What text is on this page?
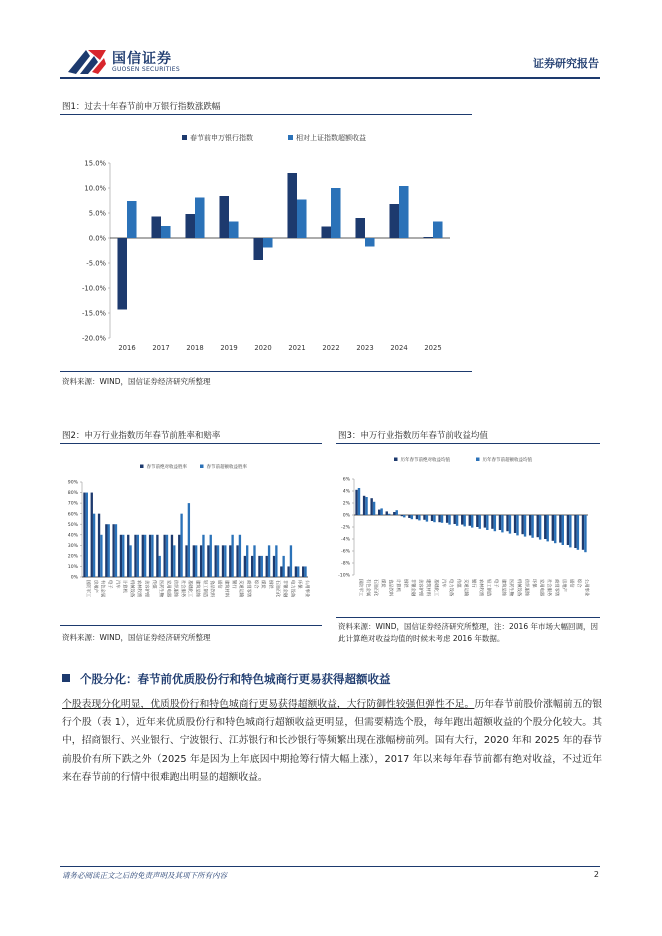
国信证券
GUOSEN SECURITIES	证券研究报告
图1：过去十年春节前申万银行指数涨跌幅
15.0%
10.0%
5.0%
0.0%
-5.0%
-10.0%
-15.0%
-20.0%
2016 2017 2018 2019 2020 2021 2022 2023 2024 2025
春节前申万银行指数	相对上证指数超额收益
资料来源：WIND，国信证券经济研究所整理
图2：申万行业指数历年春节前胜率和赔率
90%
80%
70%
60%
50%
40%
30%
20%
10%
0%
国防军工 房地产 有色金属 电子 汽车 计算机 机械设备 农林牧渔 美容护理 传媒 医药生物 家用电器 纺织服饰 社会服务 基础化工 建筑装饰 轻工制造 食品饮料 通信 建筑材料 银行 交通运输 商贸零售 综合 煤炭 钢铁 石油石化 非银金融 电力设备 环保 公用事业
春节前绝对收益胜率	春节前超额收益胜率
资料来源：WIND，国信证券经济研究所整理
图3：申万行业指数历年春节前收益均值
6%
4%
2%
0%
-2%
-4%
-6%
-8%
-10%
国防军工 有色金属 石油石化 煤炭 食品饮料 计算机 钢铁 非银金融 美容护理 建筑材料 基础化工 汽车 电力设备 传媒 交通运输 银行 农林牧渔 轻工制造 电子 建筑装饰 医药生物 机械设备 纺织服饰 环保 家用电器 社会服务 商贸零售 房地产 通信 综合 公用事业
历年春节前绝对收益均值	历年春节前超额收益均值
资料来源：WIND，国信证券经济研究所整理，注：2016 年市场大幅回调，因此计算绝对收益均值的时候未考虑 2016 年数据。
个股分化：春节前优质股份行和特色城商行更易获得超额收益
个股表现分化明显，优质股份行和特色城商行更易获得超额收益，大行防御性较强但弹性不足。历年春节前股价涨幅前五的银行个股（表 1），近年来优质股份行和特色城商行超额收益更明显，但需要精选个股，每年跑出超额收益的个股分化较大。其中，招商银行、兴业银行、宁波银行、江苏银行和长沙银行等频繁出现在涨幅榜前列。国有大行，2020 年和 2025 年的春节前股价有所下跌之外（2025 年是因为上年底因中期抢筹行情大幅上涨），2017 年以来每年春节前都有绝对收益，不过近年来在春节前的行情中很难跑出明显的超额收益。
请务必阅读正文之后的免责声明及其项下所有内容	2
